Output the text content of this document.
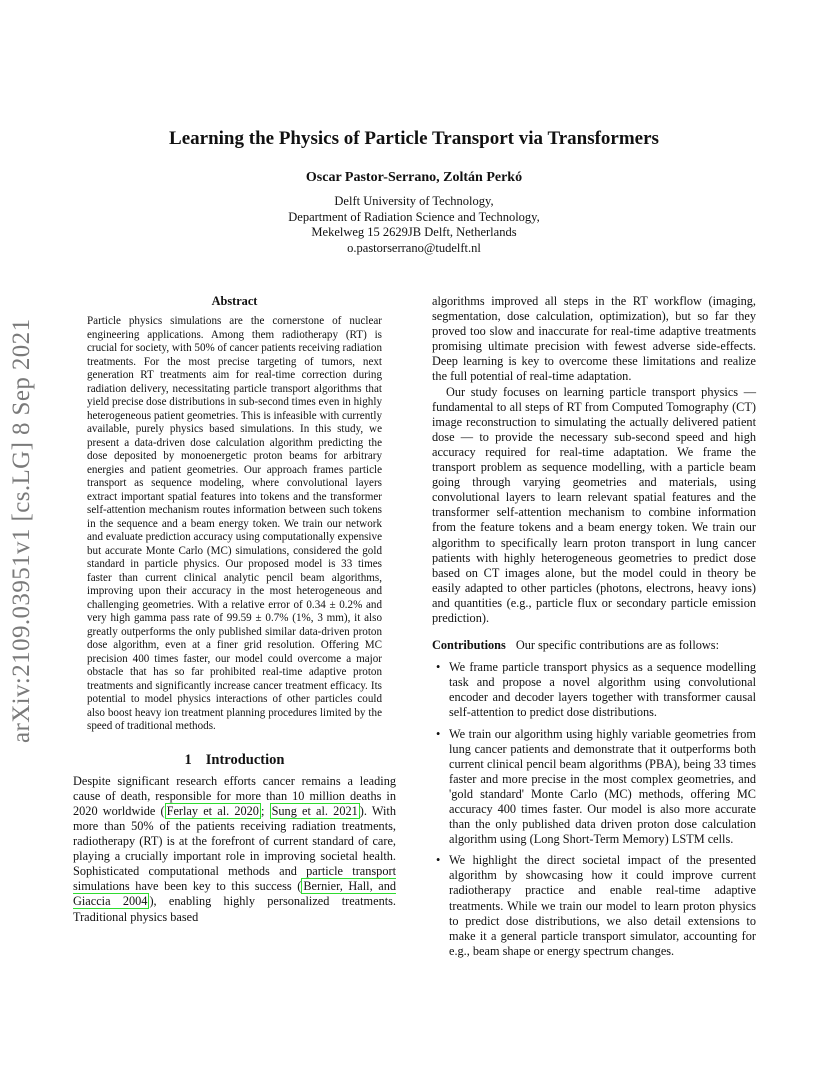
arXiv:2109.03951v1 [cs.LG] 8 Sep 2021
Learning the Physics of Particle Transport via Transformers
Oscar Pastor-Serrano, Zoltán Perkó
Delft University of Technology,
Department of Radiation Science and Technology,
Mekelweg 15 2629JB Delft, Netherlands
o.pastorserrano@tudelft.nl
Abstract
Particle physics simulations are the cornerstone of nuclear engineering applications. Among them radiotherapy (RT) is crucial for society, with 50% of cancer patients receiving radiation treatments. For the most precise targeting of tumors, next generation RT treatments aim for real-time correction during radiation delivery, necessitating particle transport algorithms that yield precise dose distributions in sub-second times even in highly heterogeneous patient geometries. This is infeasible with currently available, purely physics based simulations. In this study, we present a data-driven dose calculation algorithm predicting the dose deposited by monoenergetic proton beams for arbitrary energies and patient geometries. Our approach frames particle transport as sequence modeling, where convolutional layers extract important spatial features into tokens and the transformer self-attention mechanism routes information between such tokens in the sequence and a beam energy token. We train our network and evaluate prediction accuracy using computationally expensive but accurate Monte Carlo (MC) simulations, considered the gold standard in particle physics. Our proposed model is 33 times faster than current clinical analytic pencil beam algorithms, improving upon their accuracy in the most heterogeneous and challenging geometries. With a relative error of 0.34 ± 0.2% and very high gamma pass rate of 99.59 ± 0.7% (1%, 3 mm), it also greatly outperforms the only published similar data-driven proton dose algorithm, even at a finer grid resolution. Offering MC precision 400 times faster, our model could overcome a major obstacle that has so far prohibited real-time adaptive proton treatments and significantly increase cancer treatment efficacy. Its potential to model physics interactions of other particles could also boost heavy ion treatment planning procedures limited by the speed of traditional methods.
1 Introduction

Despite significant research efforts cancer remains a leading cause of death, responsible for more than 10 million deaths in 2020 worldwide ( Ferlay et al. 2020 ; Sung et al. 2021 ). With more than 50% of the patients receiving radiation treatments, radiotherapy (RT) is at the forefront of current standard of care, playing a crucially important role in improving societal health. Sophisticated computational methods and particle transport simulations have been key to this success ( Bernier, Hall, and Giaccia 2004 ), enabling highly personalized treatments. Traditional physics based

algorithms improved all steps in the RT workflow (imaging, segmentation, dose calculation, optimization), but so far they proved too slow and inaccurate for real-time adaptive treatments promising ultimate precision with fewest adverse side-effects. Deep learning is key to overcome these limitations and realize the full potential of real-time adaptation.

Our study focuses on learning particle transport physics — fundamental to all steps of RT from Computed Tomography (CT) image reconstruction to simulating the actually delivered patient dose — to provide the necessary sub-second speed and high accuracy required for real-time adaptation. We frame the transport problem as sequence modelling, with a particle beam going through varying geometries and materials, using convolutional layers to learn relevant spatial features and the transformer self-attention mechanism to combine information from the feature tokens and a beam energy token. We train our algorithm to specifically learn proton transport in lung cancer patients with highly heterogeneous geometries to predict dose based on CT images alone, but the model could in theory be easily adapted to other particles (photons, electrons, heavy ions) and quantities (e.g., particle flux or secondary particle emission prediction).

Contributions Our specific contributions are as follows:

• We frame particle transport physics as a sequence modelling task and propose a novel algorithm using convolutional encoder and decoder layers together with transformer causal self-attention to predict dose distributions.
• We train our algorithm using highly variable geometries from lung cancer patients and demonstrate that it outperforms both current clinical pencil beam algorithms (PBA), being 33 times faster and more precise in the most complex geometries, and 'gold standard' Monte Carlo (MC) methods, offering MC accuracy 400 times faster. Our model is also more accurate than the only published data driven proton dose calculation algorithm using (Long Short-Term Memory) LSTM cells.
• We highlight the direct societal impact of the presented algorithm by showcasing how it could improve current radiotherapy practice and enable real-time adaptive treatments. While we train our model to learn proton physics to predict dose distributions, we also detail extensions to make it a general particle transport simulator, accounting for e.g., beam shape or energy spectrum changes.
